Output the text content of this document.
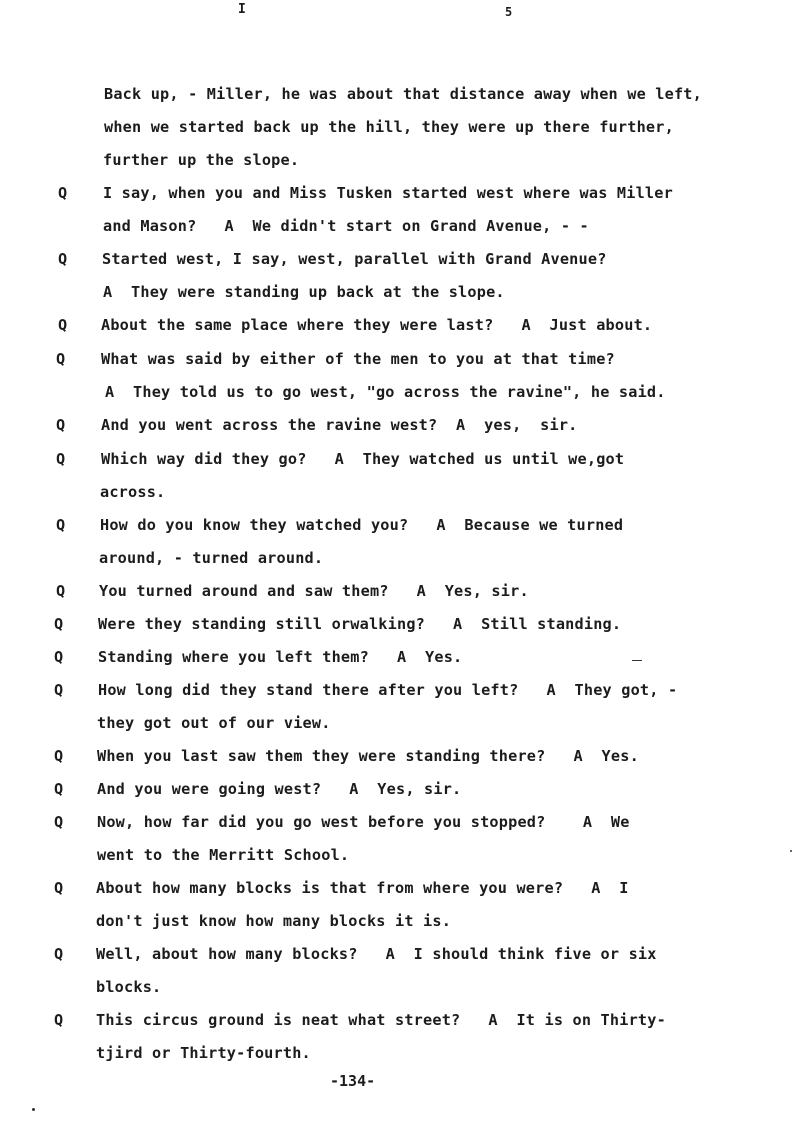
I	5
Back up, - Miller, he was about that distance away when we left,
when we started back up the hill, they were up there further,
further up the slope.
Q I say, when you and Miss Tusken started west where was Miller
and Mason?   A  We didn't start on Grand Avenue, - -
Q Started west, I say, west, parallel with Grand Avenue?
A  They were standing up back at the slope.
Q About the same place where they were last?   A  Just about.
Q What was said by either of the men to you at that time?
A  They told us to go west, "go across the ravine", he said.
Q And you went across the ravine west?  A  yes,  sir.
Q Which way did they go?   A  They watched us until we,got
across.
Q How do you know they watched you?   A  Because we turned
around, - turned around.
Q You turned around and saw them?   A  Yes, sir.
Q Were they standing still orwalking?   A  Still standing.
Q Standing where you left them?   A  Yes.
Q How long did they stand there after you left?   A  They got, -
they got out of our view.
Q When you last saw them they were standing there?   A  Yes.
Q And you were going west?   A  Yes, sir.
Q Now, how far did you go west before you stopped?    A  We
went to the Merritt School.
Q About how many blocks is that from where you were?   A  I
don't just know how many blocks it is.
Q Well, about how many blocks?   A  I should think five or six
blocks.
Q This circus ground is neat what street?   A  It is on Thirty-
tjird or Thirty-fourth.
-134-
